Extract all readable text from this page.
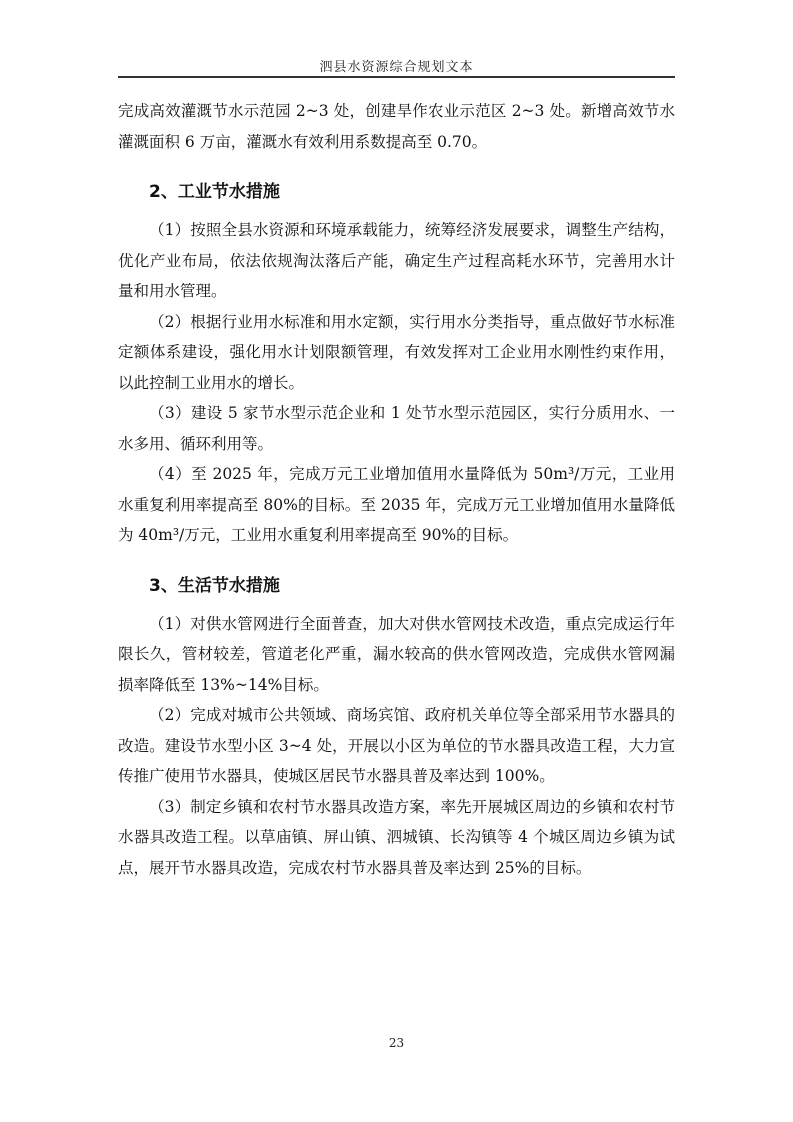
泗县水资源综合规划文本

完成高效灌溉节水示范园 2~3 处，创建旱作农业示范区 2~3 处。新增高效节水灌溉面积 6 万亩，灌溉水有效利用系数提高至 0.70。

2、工业节水措施

（1）按照全县水资源和环境承载能力，统筹经济发展要求，调整生产结构，优化产业布局，依法依规淘汰落后产能，确定生产过程高耗水环节，完善用水计量和用水管理。

（2）根据行业用水标准和用水定额，实行用水分类指导，重点做好节水标准定额体系建设，强化用水计划限额管理，有效发挥对工企业用水刚性约束作用，以此控制工业用水的增长。

（3）建设 5 家节水型示范企业和 1 处节水型示范园区，实行分质用水、一水多用、循环利用等。

（4）至 2025 年，完成万元工业增加值用水量降低为 50m³/万元，工业用水重复利用率提高至 80%的目标。至 2035 年，完成万元工业增加值用水量降低为 40m³/万元，工业用水重复利用率提高至 90%的目标。

3、生活节水措施

（1）对供水管网进行全面普查，加大对供水管网技术改造，重点完成运行年限长久，管材较差，管道老化严重，漏水较高的供水管网改造，完成供水管网漏损率降低至 13%~14%目标。

（2）完成对城市公共领域、商场宾馆、政府机关单位等全部采用节水器具的改造。建设节水型小区 3~4 处，开展以小区为单位的节水器具改造工程，大力宣传推广使用节水器具，使城区居民节水器具普及率达到 100%。

（3）制定乡镇和农村节水器具改造方案，率先开展城区周边的乡镇和农村节水器具改造工程。以草庙镇、屏山镇、泗城镇、长沟镇等 4 个城区周边乡镇为试点，展开节水器具改造，完成农村节水器具普及率达到 25%的目标。

23
